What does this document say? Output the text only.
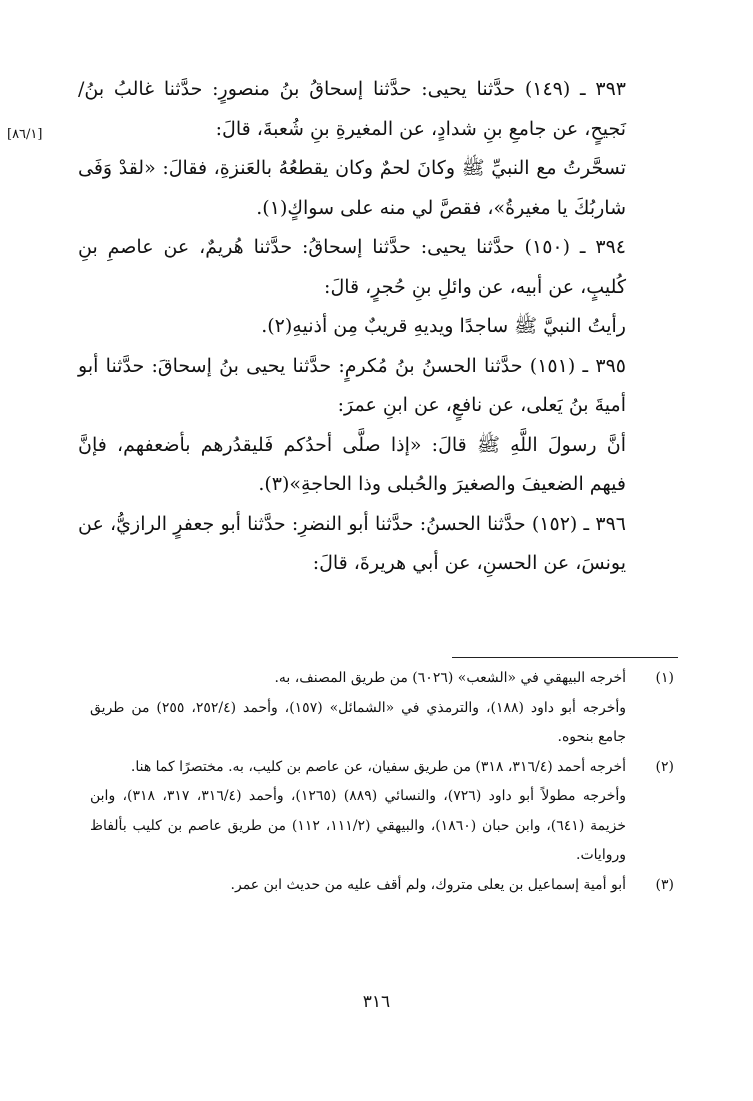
[٨٦/١]

٣٩٣ ـ (١٤٩) حدَّثنا يحيى: حدَّثنا إسحاقُ بنُ منصورٍ: حدَّثنا غالبُ بنُ/ نَجيحٍ، عن جامعِ بنِ شدادٍ، عن المغيرةِ بنِ شُعبةَ، قالَ:

تسحَّرتُ مع النبيِّ ﷺ وكانَ لحمٌ وكان يقطعُهُ بالعَنزةِ، فقالَ: «لقدْ وَفَى شاربُكَ يا مغيرةُ»، فقصَّ لي منه على سواكٍ(١).

٣٩٤ ـ (١٥٠) حدَّثنا يحيى: حدَّثنا إسحاقُ: حدَّثنا هُريمٌ، عن عاصمِ بنِ كُليبٍ، عن أبيه، عن وائلِ بنِ حُجرٍ، قالَ:

رأيتُ النبيَّ ﷺ ساجدًا ويديهِ قريبٌ مِن أذنيهِ(٢).

٣٩٥ ـ (١٥١) حدَّثنا الحسنُ بنُ مُكرمٍ: حدَّثنا يحيى بنُ إسحاقَ: حدَّثنا أبو أميةَ بنُ يَعلى، عن نافعٍ، عن ابنِ عمرَ:

أنَّ رسولَ اللَّهِ ﷺ قالَ: «إذا صلَّى أحدُكم فَليقدُرهم بأضعفهم، فإنَّ فيهم الضعيفَ والصغيرَ والحُبلى وذا الحاجةِ»(٣).

٣٩٦ ـ (١٥٢) حدَّثنا الحسنُ: حدَّثنا أبو النضرِ: حدَّثنا أبو جعفرٍ الرازيُّ، عن يونسَ، عن الحسنِ، عن أبي هريرةَ، قالَ:

(١)

أخرجه البيهقي في «الشعب» (٦٠٢٦) من طريق المصنف، به.

وأخرجه أبو داود (١٨٨)، والترمذي في «الشمائل» (١٥٧)، وأحمد (٢٥٢/٤، ٢٥٥) من طريق جامع بنحوه.

(٢)

أخرجه أحمد (٣١٦/٤، ٣١٨) من طريق سفيان، عن عاصم بن كليب، به. مختصرًا كما هنا.

وأخرجه مطولاً أبو داود (٧٢٦)، والنسائي (٨٨٩) (١٢٦٥)، وأحمد (٣١٦/٤، ٣١٧، ٣١٨)، وابن خزيمة (٦٤١)، وابن حبان (١٨٦٠)، والبيهقي (١١١/٢، ١١٢) من طريق عاصم بن كليب بألفاظ وروايات.

(٣)

أبو أمية إسماعيل بن يعلى متروك، ولم أقف عليه من حديث ابن عمر.

٣١٦
